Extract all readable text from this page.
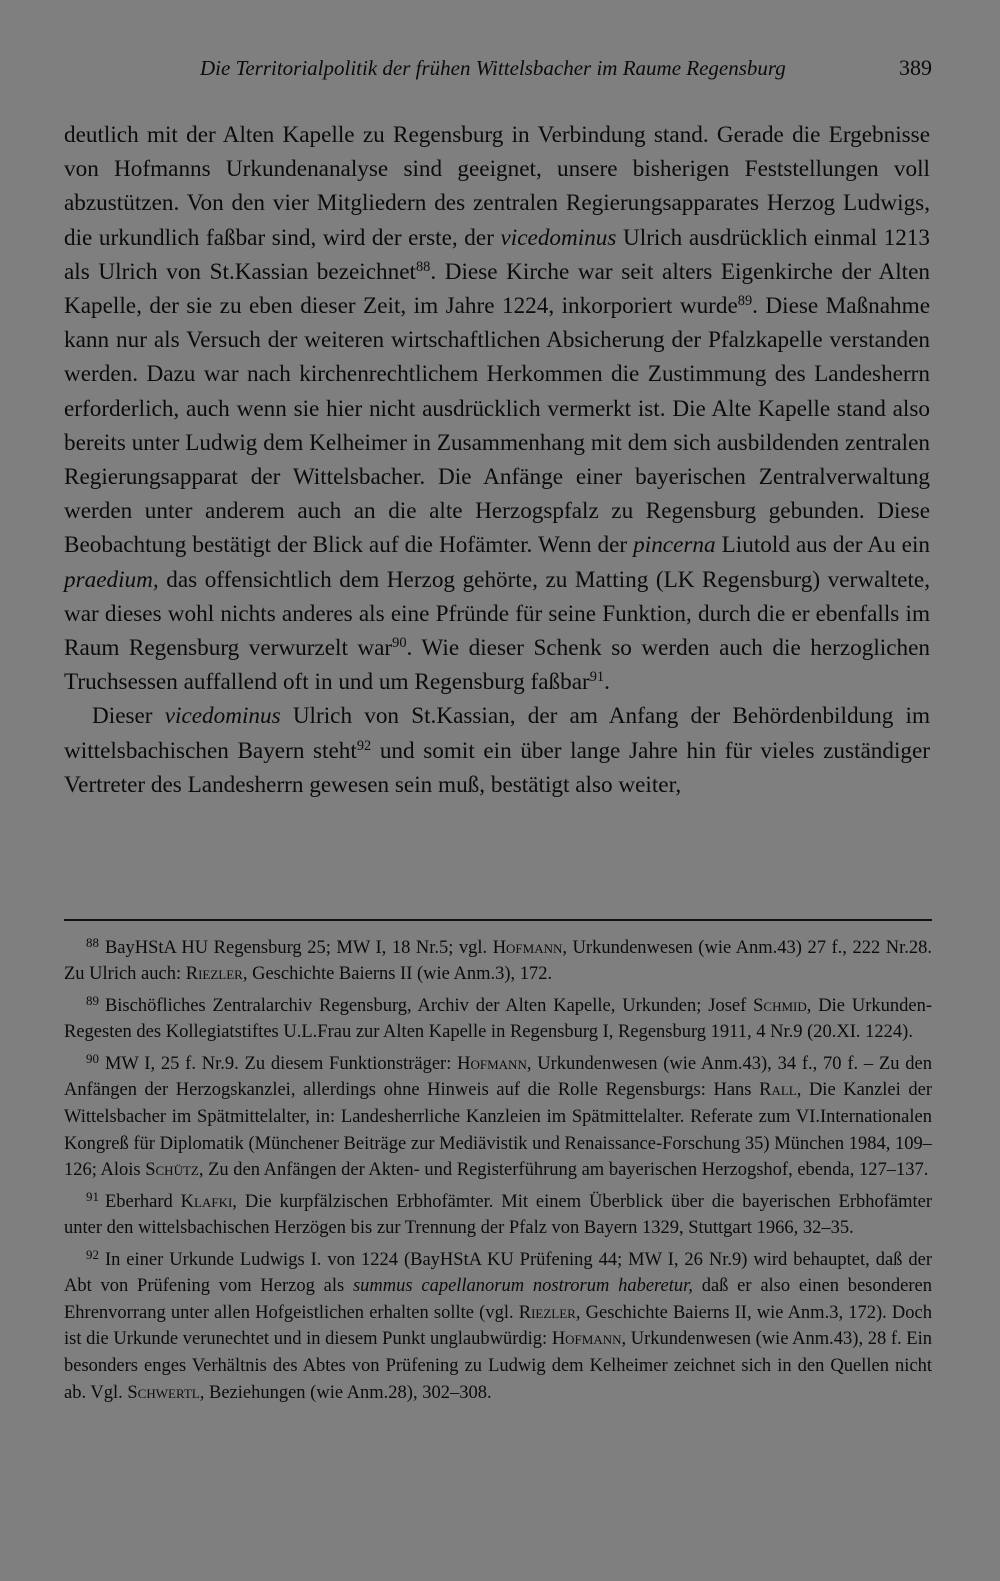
Die Territorialpolitik der frühen Wittelsbacher im Raume Regensburg	389

deutlich mit der Alten Kapelle zu Regensburg in Verbindung stand. Gerade die Ergebnisse von Hofmanns Urkundenanalyse sind geeignet, unsere bisherigen Feststellungen voll abzustützen. Von den vier Mitgliedern des zentralen Regierungsapparates Herzog Ludwigs, die urkundlich faßbar sind, wird der erste, der vicedominus Ulrich ausdrücklich einmal 1213 als Ulrich von St.Kassian bezeichnet$^{88}$. Diese Kirche war seit alters Eigenkirche der Alten Kapelle, der sie zu eben dieser Zeit, im Jahre 1224, inkorporiert wurde$^{89}$. Diese Maßnahme kann nur als Versuch der weiteren wirtschaftlichen Absicherung der Pfalzkapelle verstanden werden. Dazu war nach kirchenrechtlichem Herkommen die Zustimmung des Landesherrn erforderlich, auch wenn sie hier nicht ausdrücklich vermerkt ist. Die Alte Kapelle stand also bereits unter Ludwig dem Kelheimer in Zusammenhang mit dem sich ausbildenden zentralen Regierungsapparat der Wittelsbacher. Die Anfänge einer bayerischen Zentralverwaltung werden unter anderem auch an die alte Herzogspfalz zu Regensburg gebunden. Diese Beobachtung bestätigt der Blick auf die Hofämter. Wenn der pincerna Liutold aus der Au ein praedium, das offensichtlich dem Herzog gehörte, zu Matting (LK Regensburg) verwaltete, war dieses wohl nichts anderes als eine Pfründe für seine Funktion, durch die er ebenfalls im Raum Regensburg verwurzelt war$^{90}$. Wie dieser Schenk so werden auch die herzoglichen Truchsessen auffallend oft in und um Regensburg faßbar$^{91}$.

Dieser vicedominus Ulrich von St.Kassian, der am Anfang der Behördenbildung im wittelsbachischen Bayern steht$^{92}$ und somit ein über lange Jahre hin für vieles zuständiger Vertreter des Landesherrn gewesen sein muß, bestätigt also weiter,

$^{88}$ BayHStA HU Regensburg 25; MW I, 18 Nr.5; vgl. Hofmann, Urkundenwesen (wie Anm.43) 27 f., 222 Nr.28. Zu Ulrich auch: Riezler, Geschichte Baierns II (wie Anm.3), 172.

$^{89}$ Bischöfliches Zentralarchiv Regensburg, Archiv der Alten Kapelle, Urkunden; Josef Schmid, Die Urkunden-Regesten des Kollegiatstiftes U.L.Frau zur Alten Kapelle in Regensburg I, Regensburg 1911, 4 Nr.9 (20.XI. 1224).

$^{90}$ MW I, 25 f. Nr.9. Zu diesem Funktionsträger: Hofmann, Urkundenwesen (wie Anm.43), 34 f., 70 f. – Zu den Anfängen der Herzogskanzlei, allerdings ohne Hinweis auf die Rolle Regensburgs: Hans Rall, Die Kanzlei der Wittelsbacher im Spätmittelalter, in: Landesherrliche Kanzleien im Spätmittelalter. Referate zum VI.Internationalen Kongreß für Diplomatik (Münchener Beiträge zur Mediävistik und Renaissance-Forschung 35) München 1984, 109–126; Alois Schütz, Zu den Anfängen der Akten- und Registerführung am bayerischen Herzogshof, ebenda, 127–137.

$^{91}$ Eberhard Klafki, Die kurpfälzischen Erbhofämter. Mit einem Überblick über die bayerischen Erbhofämter unter den wittelsbachischen Herzögen bis zur Trennung der Pfalz von Bayern 1329, Stuttgart 1966, 32–35.

$^{92}$ In einer Urkunde Ludwigs I. von 1224 (BayHStA KU Prüfening 44; MW I, 26 Nr.9) wird behauptet, daß der Abt von Prüfening vom Herzog als summus capellanorum nostrorum haberetur, daß er also einen besonderen Ehrenvorrang unter allen Hofgeistlichen erhalten sollte (vgl. Riezler, Geschichte Baierns II, wie Anm.3, 172). Doch ist die Urkunde verunechtet und in diesem Punkt unglaubwürdig: Hofmann, Urkundenwesen (wie Anm.43), 28 f. Ein besonders enges Verhältnis des Abtes von Prüfening zu Ludwig dem Kelheimer zeichnet sich in den Quellen nicht ab. Vgl. Schwertl, Beziehungen (wie Anm.28), 302–308.
